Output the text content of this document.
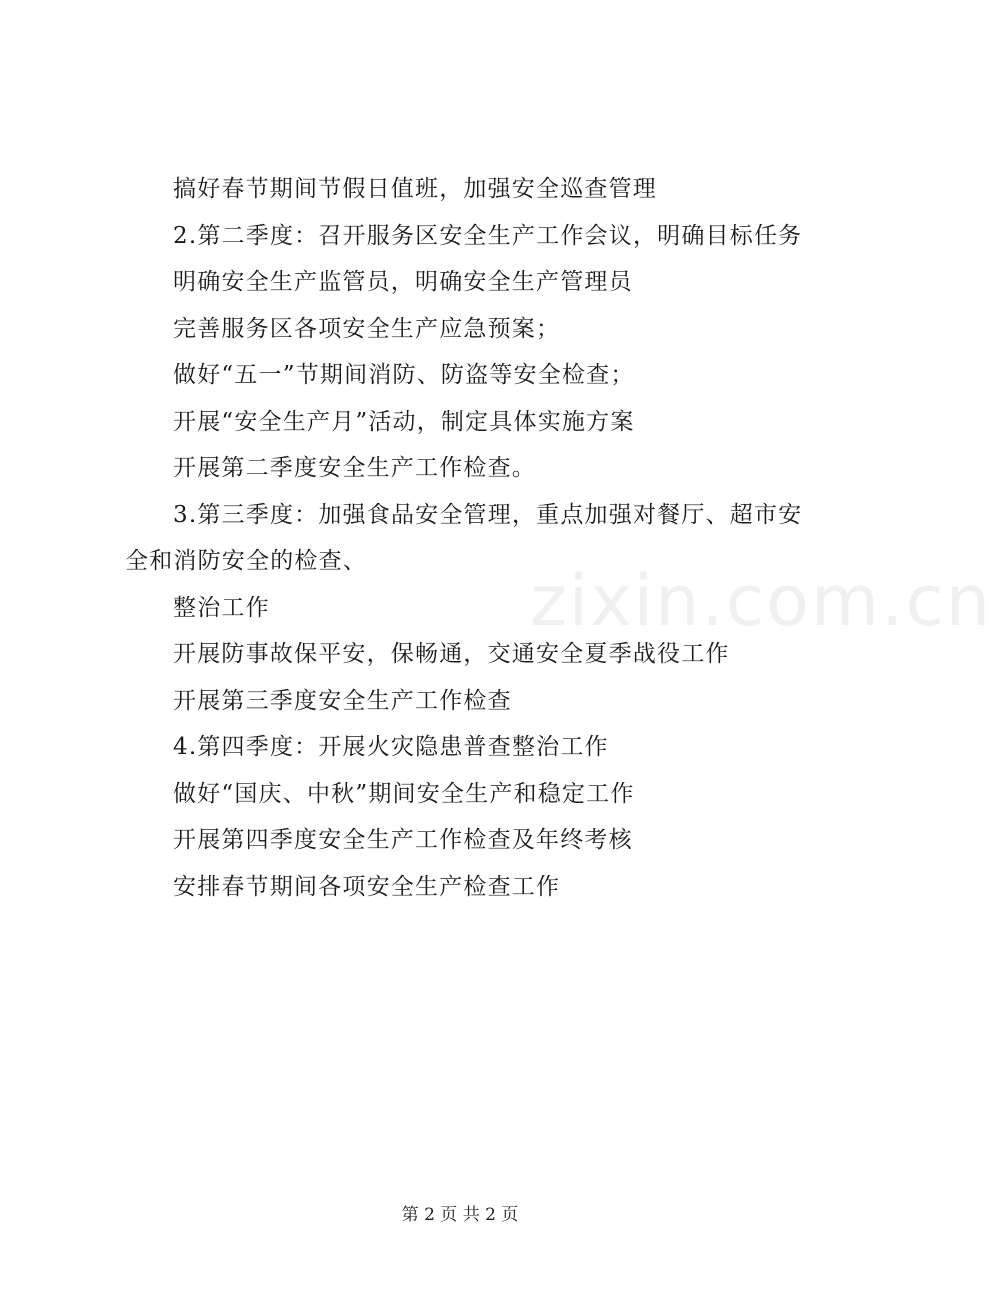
zixin.com.cn

搞好春节期间节假日值班，加强安全巡查管理

2.第二季度：召开服务区安全生产工作会议，明确目标任务

明确安全生产监管员，明确安全生产管理员

完善服务区各项安全生产应急预案；

做好“五一”节期间消防、防盗等安全检查；

开展“安全生产月”活动，制定具体实施方案

开展第二季度安全生产工作检查。

3.第三季度：加强食品安全管理，重点加强对餐厅、超市安全和消防安全的检查、

整治工作

开展防事故保平安，保畅通，交通安全夏季战役工作

开展第三季度安全生产工作检查

4.第四季度：开展火灾隐患普查整治工作

做好“国庆、中秋”期间安全生产和稳定工作

开展第四季度安全生产工作检查及年终考核

安排春节期间各项安全生产检查工作

第 2 页 共 2 页
